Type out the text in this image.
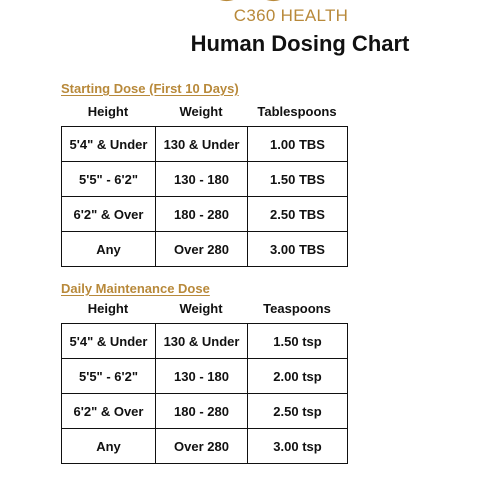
C360 HEALTH
Human Dosing Chart
Starting Dose (First 10 Days)
Height	Weight	Tablespoons
5'4" & Under	130 & Under	1.00 TBS
5'5" - 6'2"	130 - 180	1.50 TBS
6'2" & Over	180 - 280	2.50 TBS
Any	Over 280	3.00 TBS
Daily Maintenance Dose
Height	Weight	Teaspoons
5'4" & Under	130 & Under	1.50 tsp
5'5" - 6'2"	130 - 180	2.00 tsp
6'2" & Over	180 - 280	2.50 tsp
Any	Over 280	3.00 tsp
